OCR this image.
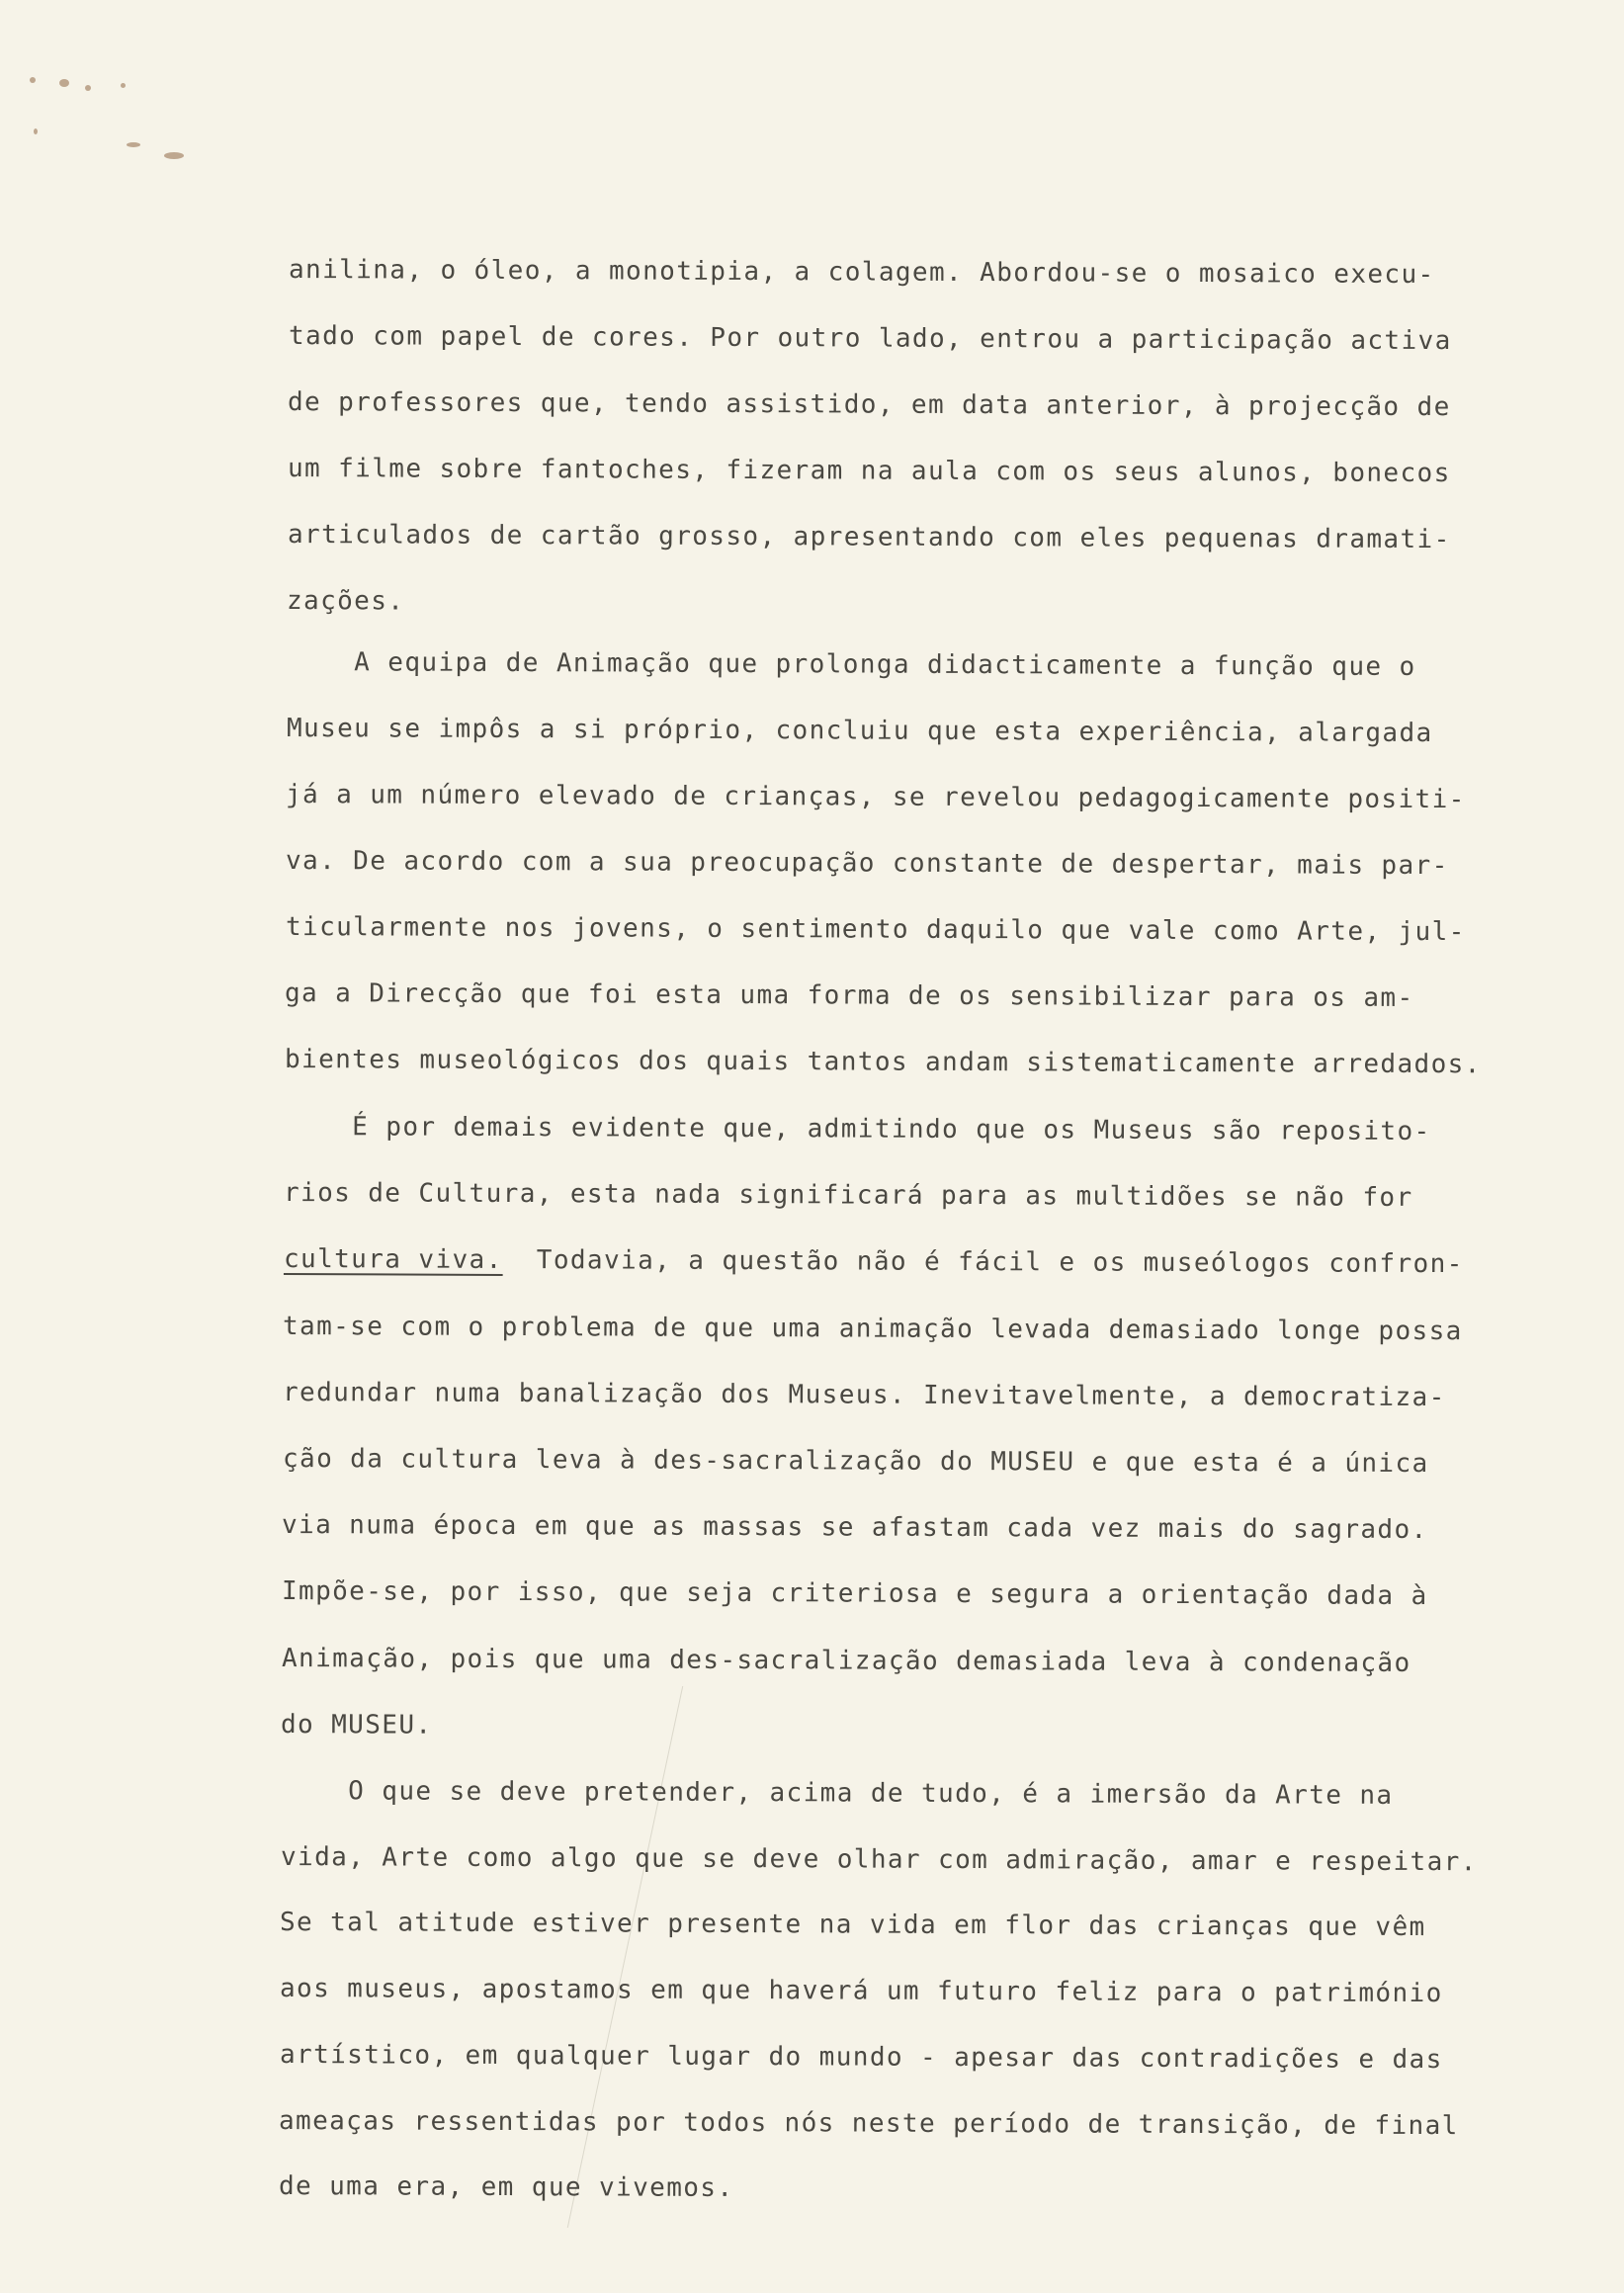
anilina, o óleo, a monotipia, a colagem. Abordou-se o mosaico execu-
tado com papel de cores. Por outro lado, entrou a participação activa
de professores que, tendo assistido, em data anterior, à projecção de
um filme sobre fantoches, fizeram na aula com os seus alunos, bonecos
articulados de cartão grosso, apresentando com eles pequenas dramati-
zações.
A equipa de Animação que prolonga didacticamente a função que o
Museu se impôs a si próprio, concluiu que esta experiência, alargada
já a um número elevado de crianças, se revelou pedagogicamente positi-
va. De acordo com a sua preocupação constante de despertar, mais par-
ticularmente nos jovens, o sentimento daquilo que vale como Arte, jul-
ga a Direcção que foi esta uma forma de os sensibilizar para os am-
bientes museológicos dos quais tantos andam sistematicamente arredados.
É por demais evidente que, admitindo que os Museus são reposito-
rios de Cultura, esta nada significará para as multidões se não for
cultura viva.  Todavia, a questão não é fácil e os museólogos confron-
tam-se com o problema de que uma animação levada demasiado longe possa
redundar numa banalização dos Museus. Inevitavelmente, a democratiza-
ção da cultura leva à des-sacralização do MUSEU e que esta é a única
via numa época em que as massas se afastam cada vez mais do sagrado.
Impõe-se, por isso, que seja criteriosa e segura a orientação dada à
Animação, pois que uma des-sacralização demasiada leva à condenação
do MUSEU.
O que se deve pretender, acima de tudo, é a imersão da Arte na
vida, Arte como algo que se deve olhar com admiração, amar e respeitar.
Se tal atitude estiver presente na vida em flor das crianças que vêm
aos museus, apostamos em que haverá um futuro feliz para o património
artístico, em qualquer lugar do mundo - apesar das contradições e das
ameaças ressentidas por todos nós neste período de transição, de final
de uma era, em que vivemos.
